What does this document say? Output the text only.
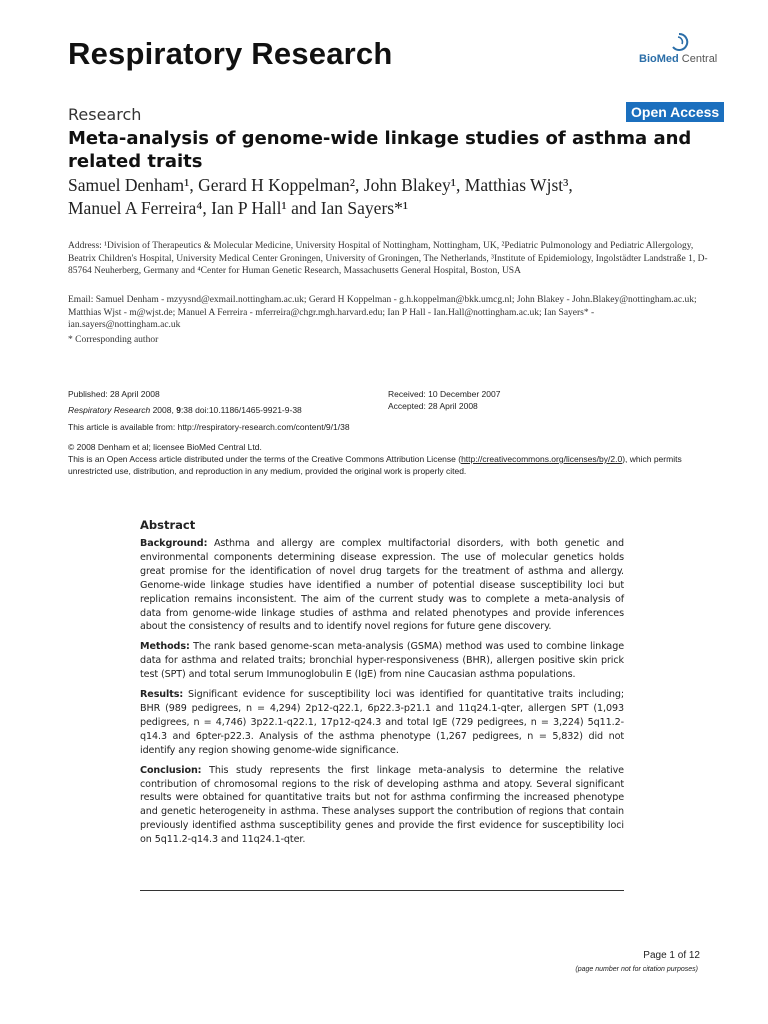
Respiratory Research	BioMed Central
Research	Open Access
Meta-analysis of genome-wide linkage studies of asthma and related traits
Samuel Denham¹, Gerard H Koppelman², John Blakey¹, Matthias Wjst³,
Manuel A Ferreira⁴, Ian P Hall¹ and Ian Sayers*¹
Address: ¹Division of Therapeutics & Molecular Medicine, University Hospital of Nottingham, Nottingham, UK, ²Pediatric Pulmonology and Pediatric Allergology, Beatrix Children's Hospital, University Medical Center Groningen, University of Groningen, The Netherlands, ³Institute of Epidemiology, Ingolstädter Landstraße 1, D-85764 Neuherberg, Germany and ⁴Center for Human Genetic Research, Massachusetts General Hospital, Boston, USA
Email: Samuel Denham - mzyysnd@exmail.nottingham.ac.uk; Gerard H Koppelman - g.h.koppelman@bkk.umcg.nl; John Blakey - John.Blakey@nottingham.ac.uk; Matthias Wjst - m@wjst.de; Manuel A Ferreira - mferreira@chgr.mgh.harvard.edu; Ian P Hall - Ian.Hall@nottingham.ac.uk; Ian Sayers* - ian.sayers@nottingham.ac.uk
* Corresponding author
Published: 28 April 2008
Respiratory Research 2008, 9:38 doi:10.1186/1465-9921-9-38
Received: 10 December 2007
Accepted: 28 April 2008
This article is available from: http://respiratory-research.com/content/9/1/38
© 2008 Denham et al; licensee BioMed Central Ltd.
This is an Open Access article distributed under the terms of the Creative Commons Attribution License (http://creativecommons.org/licenses/by/2.0), which permits unrestricted use, distribution, and reproduction in any medium, provided the original work is properly cited.
Abstract

Background: Asthma and allergy are complex multifactorial disorders, with both genetic and environmental components determining disease expression. The use of molecular genetics holds great promise for the identification of novel drug targets for the treatment of asthma and allergy. Genome-wide linkage studies have identified a number of potential disease susceptibility loci but replication remains inconsistent. The aim of the current study was to complete a meta-analysis of data from genome-wide linkage studies of asthma and related phenotypes and provide inferences about the consistency of results and to identify novel regions for future gene discovery.

Methods: The rank based genome-scan meta-analysis (GSMA) method was used to combine linkage data for asthma and related traits; bronchial hyper-responsiveness (BHR), allergen positive skin prick test (SPT) and total serum Immunoglobulin E (IgE) from nine Caucasian asthma populations.

Results: Significant evidence for susceptibility loci was identified for quantitative traits including; BHR (989 pedigrees, n = 4,294) 2p12-q22.1, 6p22.3-p21.1 and 11q24.1-qter, allergen SPT (1,093 pedigrees, n = 4,746) 3p22.1-q22.1, 17p12-q24.3 and total IgE (729 pedigrees, n = 3,224) 5q11.2-q14.3 and 6pter-p22.3. Analysis of the asthma phenotype (1,267 pedigrees, n = 5,832) did not identify any region showing genome-wide significance.

Conclusion: This study represents the first linkage meta-analysis to determine the relative contribution of chromosomal regions to the risk of developing asthma and atopy. Several significant results were obtained for quantitative traits but not for asthma confirming the increased phenotype and genetic heterogeneity in asthma. These analyses support the contribution of regions that contain previously identified asthma susceptibility genes and provide the first evidence for susceptibility loci on 5q11.2-q14.3 and 11q24.1-qter.

Page 1 of 12
(page number not for citation purposes)
